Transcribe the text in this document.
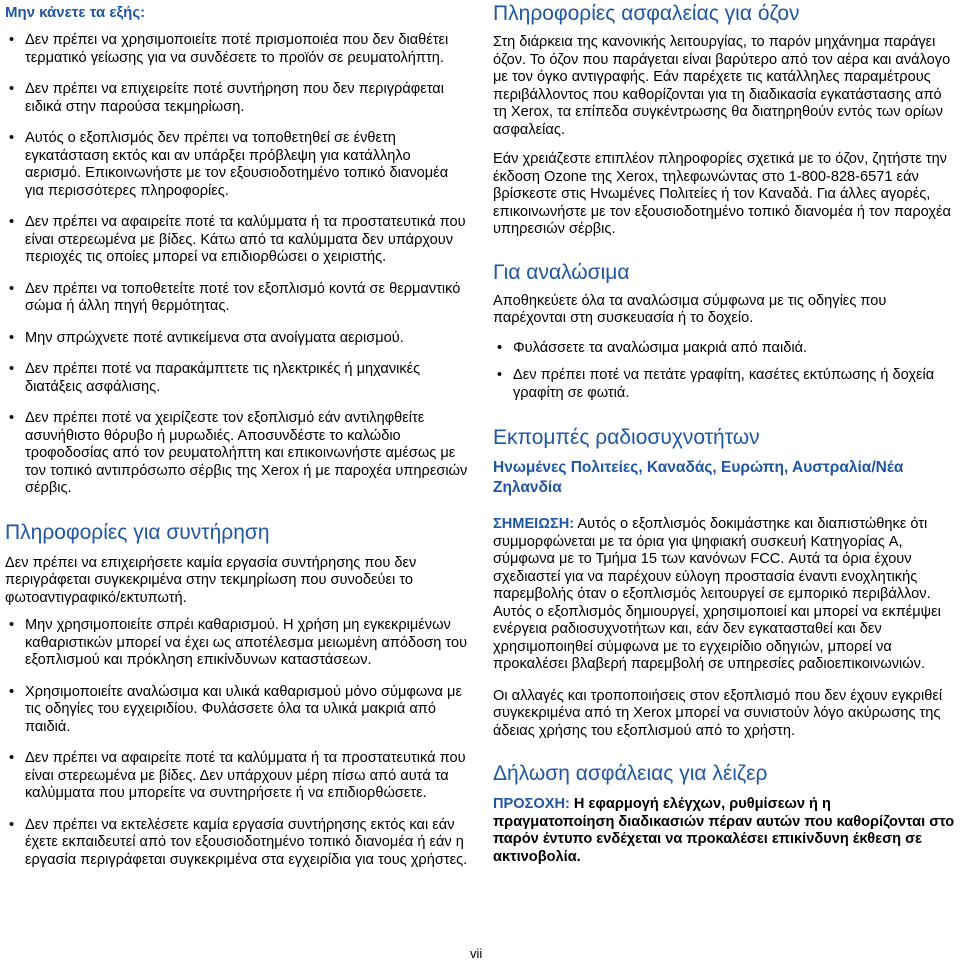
Μην κάνετε τα εξής:
• Δεν πρέπει να χρησιμοποιείτε ποτέ πρισμοποιέα που δεν διαθέτει τερματικό γείωσης για να συνδέσετε το προϊόν σε ρευματολήπτη.
• Δεν πρέπει να επιχειρείτε ποτέ συντήρηση που δεν περιγράφεται ειδικά στην παρούσα τεκμηρίωση.
• Αυτός ο εξοπλισμός δεν πρέπει να τοποθετηθεί σε ένθετη εγκατάσταση εκτός και αν υπάρξει πρόβλεψη για κατάλληλο αερισμό. Επικοινωνήστε με τον εξουσιοδοτημένο τοπικό διανομέα για περισσότερες πληροφορίες.
• Δεν πρέπει να αφαιρείτε ποτέ τα καλύμματα ή τα προστατευτικά που είναι στερεωμένα με βίδες. Κάτω από τα καλύμματα δεν υπάρχουν περιοχές τις οποίες μπορεί να επιδιορθώσει ο χειριστής.
• Δεν πρέπει να τοποθετείτε ποτέ τον εξοπλισμό κοντά σε θερμαντικό σώμα ή άλλη πηγή θερμότητας.
• Μην σπρώχνετε ποτέ αντικείμενα στα ανοίγματα αερισμού.
• Δεν πρέπει ποτέ να παρακάμπτετε τις ηλεκτρικές ή μηχανικές διατάξεις ασφάλισης.
• Δεν πρέπει ποτέ να χειρίζεστε τον εξοπλισμό εάν αντιληφθείτε ασυνήθιστο θόρυβο ή μυρωδιές. Αποσυνδέστε το καλώδιο τροφοδοσίας από τον ρευματολήπτη και επικοινωνήστε αμέσως με τον τοπικό αντιπρόσωπο σέρβις της Xerox ή με παροχέα υπηρεσιών σέρβις.
Πληροφορίες για συντήρηση

Δεν πρέπει να επιχειρήσετε καμία εργασία συντήρησης που δεν περιγράφεται συγκεκριμένα στην τεκμηρίωση που συνοδεύει το φωτοαντιγραφικό/εκτυπωτή.

• Μην χρησιμοποιείτε σπρέι καθαρισμού. Η χρήση μη εγκεκριμένων καθαριστικών μπορεί να έχει ως αποτέλεσμα μειωμένη απόδοση του εξοπλισμού και πρόκληση επικίνδυνων καταστάσεων.
• Χρησιμοποιείτε αναλώσιμα και υλικά καθαρισμού μόνο σύμφωνα με τις οδηγίες του εγχειριδίου. Φυλάσσετε όλα τα υλικά μακριά από παιδιά.
• Δεν πρέπει να αφαιρείτε ποτέ τα καλύμματα ή τα προστατευτικά που είναι στερεωμένα με βίδες. Δεν υπάρχουν μέρη πίσω από αυτά τα καλύμματα που μπορείτε να συντηρήσετε ή να επιδιορθώσετε.
• Δεν πρέπει να εκτελέσετε καμία εργασία συντήρησης εκτός και εάν έχετε εκπαιδευτεί από τον εξουσιοδοτημένο τοπικό διανομέα ή εάν η εργασία περιγράφεται συγκεκριμένα στα εγχειρίδια για τους χρήστες.
Πληροφορίες ασφαλείας για όζον

Στη διάρκεια της κανονικής λειτουργίας, το παρόν μηχάνημα παράγει όζον. Το όζον που παράγεται είναι βαρύτερο από τον αέρα και ανάλογο με τον όγκο αντιγραφής. Εάν παρέχετε τις κατάλληλες παραμέτρους περιβάλλοντος που καθορίζονται για τη διαδικασία εγκατάστασης από τη Xerox, τα επίπεδα συγκέντρωσης θα διατηρηθούν εντός των ορίων ασφαλείας.

Εάν χρειάζεστε επιπλέον πληροφορίες σχετικά με το όζον, ζητήστε την έκδοση Ozone της Xerox, τηλεφωνώντας στο 1-800-828-6571 εάν βρίσκεστε στις Ηνωμένες Πολιτείες ή τον Καναδά. Για άλλες αγορές, επικοινωνήστε με τον εξουσιοδοτημένο τοπικό διανομέα ή τον παροχέα υπηρεσιών σέρβις.

Για αναλώσιμα

Αποθηκεύετε όλα τα αναλώσιμα σύμφωνα με τις οδηγίες που παρέχονται στη συσκευασία ή το δοχείο.

• Φυλάσσετε τα αναλώσιμα μακριά από παιδιά.
• Δεν πρέπει ποτέ να πετάτε γραφίτη, κασέτες εκτύπωσης ή δοχεία γραφίτη σε φωτιά.
Εκπομπές ραδιοσυχνοτήτων
Ηνωμένες Πολιτείες, Καναδάς, Ευρώπη, Αυστραλία/Νέα Ζηλανδία

ΣΗΜΕΙΩΣΗ: Αυτός ο εξοπλισμός δοκιμάστηκε και διαπιστώθηκε ότι συμμορφώνεται με τα όρια για ψηφιακή συσκευή Κατηγορίας A, σύμφωνα με το Τμήμα 15 των κανόνων FCC. Αυτά τα όρια έχουν σχεδιαστεί για να παρέχουν εύλογη προστασία έναντι ενοχλητικής παρεμβολής όταν ο εξοπλισμός λειτουργεί σε εμπορικό περιβάλλον. Αυτός ο εξοπλισμός δημιουργεί, χρησιμοποιεί και μπορεί να εκπέμψει ενέργεια ραδιοσυχνοτήτων και, εάν δεν εγκατασταθεί και δεν χρησιμοποιηθεί σύμφωνα με το εγχειρίδιο οδηγιών, μπορεί να προκαλέσει βλαβερή παρεμβολή σε υπηρεσίες ραδιοεπικοινωνιών.

Οι αλλαγές και τροποποιήσεις στον εξοπλισμό που δεν έχουν εγκριθεί συγκεκριμένα από τη Xerox μπορεί να συνιστούν λόγο ακύρωσης της άδειας χρήσης του εξοπλισμού από το χρήστη.

Δήλωση ασφάλειας για λέιζερ

ΠΡΟΣΟΧΗ: Η εφαρμογή ελέγχων, ρυθμίσεων ή η πραγματοποίηση διαδικασιών πέραν αυτών που καθορίζονται στο παρόν έντυπο ενδέχεται να προκαλέσει επικίνδυνη έκθεση σε ακτινοβολία.

vii
